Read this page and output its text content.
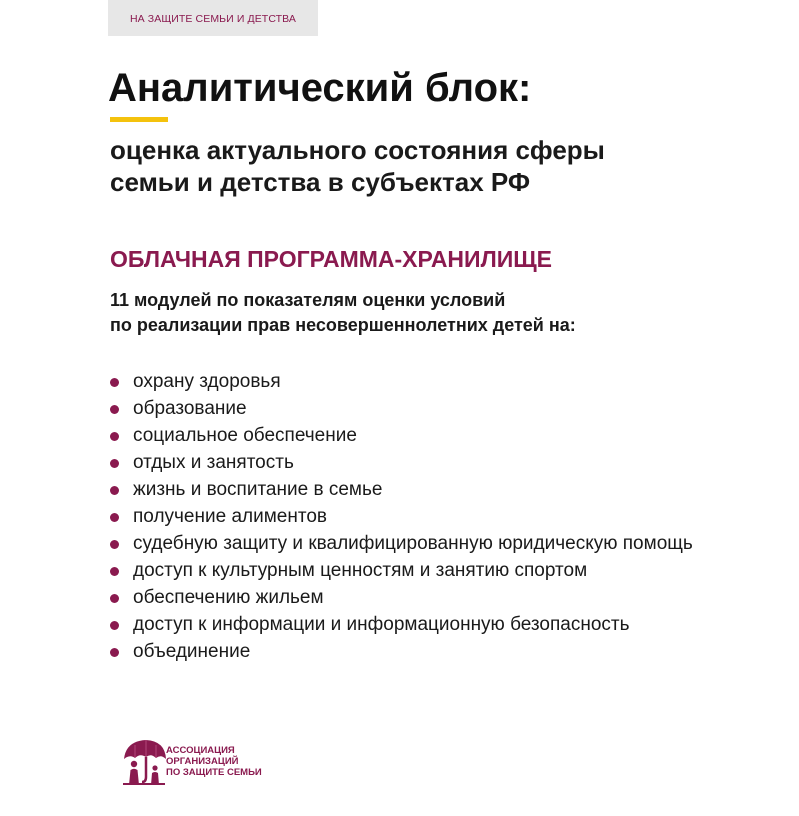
НА ЗАЩИТЕ СЕМЬИ И ДЕТСТВА
Аналитический блок:
оценка актуального состояния сферы
семьи и детства в субъектах РФ
ОБЛАЧНАЯ ПРОГРАММА-ХРАНИЛИЩЕ
11 модулей по показателям оценки условий
по реализации прав несовершеннолетних детей на:
охрану здоровья
образование
социальное обеспечение
отдых и занятость
жизнь и воспитание в семье
получение алиментов
судебную защиту и квалифицированную юридическую помощь
доступ к культурным ценностям и занятию спортом
обеспечению жильем
доступ к информации и информационную безопасность
объединение
АССОЦИАЦИЯ
ОРГАНИЗАЦИЙ
ПО ЗАЩИТЕ СЕМЬИ
